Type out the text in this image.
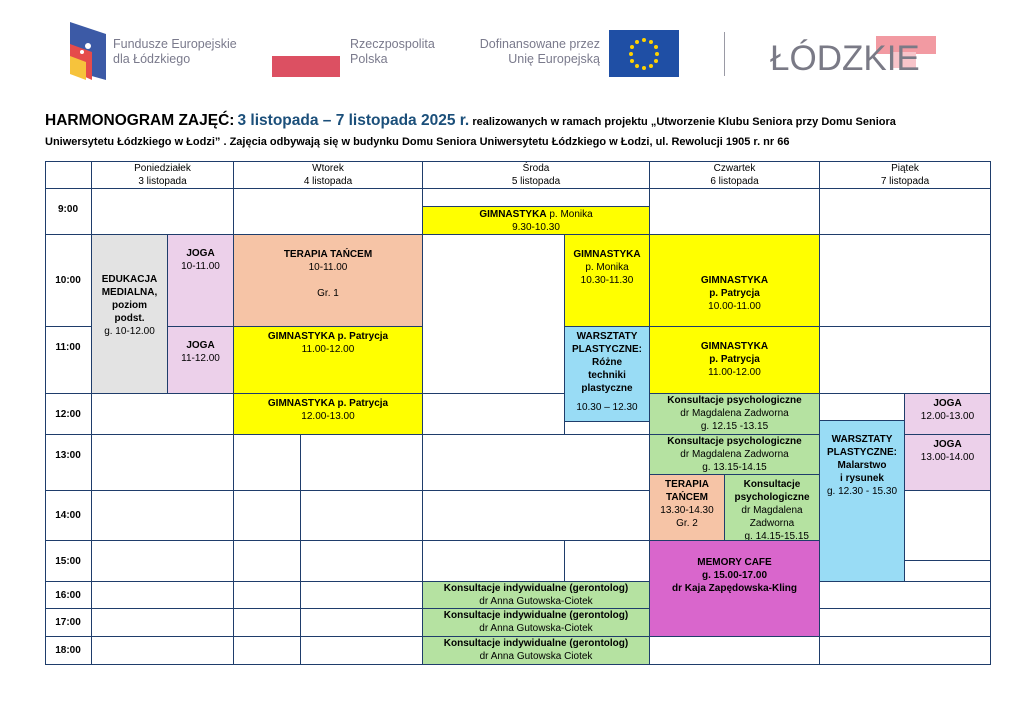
Fundusze Europejskie
dla Łódzkiego
Rzeczpospolita
Polska
Dofinansowane przez
Unię Europejską	ŁÓDZKIE
HARMONOGRAM ZAJĘĆ: 3 listopada – 7 listopada 2025 r. realizowanych w ramach projektu „Utworzenie Klubu Seniora przy Domu Seniora
Uniwersytetu Łódzkiego w Łodzi” . Zajęcia odbywają się w budynku Domu Seniora Uniwersytetu Łódzkiego w Łodzi, ul. Rewolucji 1905 r. nr 66
Poniedziałek
3 listopada
Wtorek
4 listopada
Środa
5 listopada
Czwartek
6 listopada
Piątek
7 listopada
9:00
10:00
11:00
12:00
13:00
14:00
15:00
16:00
17:00
18:00
EDUKACJA
MEDIALNA,
poziom
podst.
g. 10-12.00
JOGA
10-11.00
JOGA
11-12.00
TERAPIA TAŃCEM
10-11.00
Gr. 1
GIMNASTYKA p. Patrycja
11.00-12.00
GIMNASTYKA p. Patrycja
12.00-13.00
GIMNASTYKA p. Monika
9.30-10.30
GIMNASTYKA
p. Monika
10.30-11.30
WARSZTATY
PLASTYCZNE:
Różne
techniki
plastyczne
10.30 – 12.30
Konsultacje indywidualne (gerontolog)
dr Anna Gutowska-Ciotek
Konsultacje indywidualne (gerontolog)
dr Anna Gutowska-Ciotek
Konsultacje indywidualne (gerontolog)
dr Anna Gutowska Ciotek
GIMNASTYKA
p. Patrycja
10.00-11.00
GIMNASTYKA
p. Patrycja
11.00-12.00
Konsultacje psychologiczne
dr Magdalena Zadworna
g. 12.15 -13.15
Konsultacje psychologiczne
dr Magdalena Zadworna
g. 13.15-14.15
TERAPIA
TAŃCEM
13.30-14.30
Gr. 2
Konsultacje
psychologiczne
dr Magdalena
Zadworna
g. 14.15-15.15
MEMORY CAFE
g. 15.00-17.00
dr Kaja Zapędowska-Kling
WARSZTATY
PLASTYCZNE:
Malarstwo
i rysunek
g. 12.30 - 15.30
JOGA
12.00-13.00
JOGA
13.00-14.00
